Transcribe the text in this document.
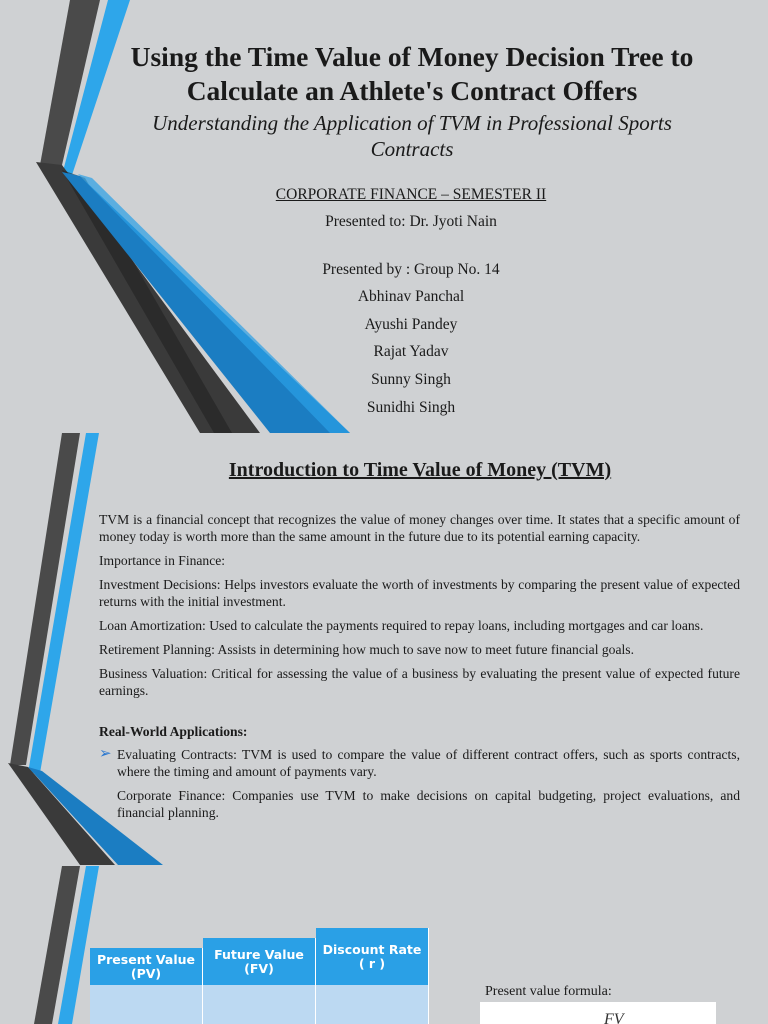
Using the Time Value of Money Decision Tree to Calculate an Athlete's Contract Offers
Understanding the Application of TVM in Professional Sports Contracts
CORPORATE FINANCE – SEMESTER II
Presented to: Dr. Jyoti Nain
Presented by : Group No. 14
Abhinav Panchal
Ayushi Pandey
Rajat Yadav
Sunny Singh
Sunidhi Singh
Introduction to Time Value of Money (TVM)

TVM is a financial concept that recognizes the value of money changes over time. It states that a specific amount of money today is worth more than the same amount in the future due to its potential earning capacity.

Importance in Finance:

Investment Decisions: Helps investors evaluate the worth of investments by comparing the present value of expected returns with the initial investment.

Loan Amortization: Used to calculate the payments required to repay loans, including mortgages and car loans.

Retirement Planning: Assists in determining how much to save now to meet future financial goals.

Business Valuation: Critical for assessing the value of a business by evaluating the present value of expected future earnings.

Real-World Applications:

➢ Evaluating Contracts: TVM is used to compare the value of different contract offers, such as sports contracts, where the timing and amount of payments vary.
Corporate Finance: Companies use TVM to make decisions on capital budgeting, project evaluations, and financial planning.
Present Value (PV)
Future Value (FV)
Discount Rate ( r )
Present value formula:
FV
